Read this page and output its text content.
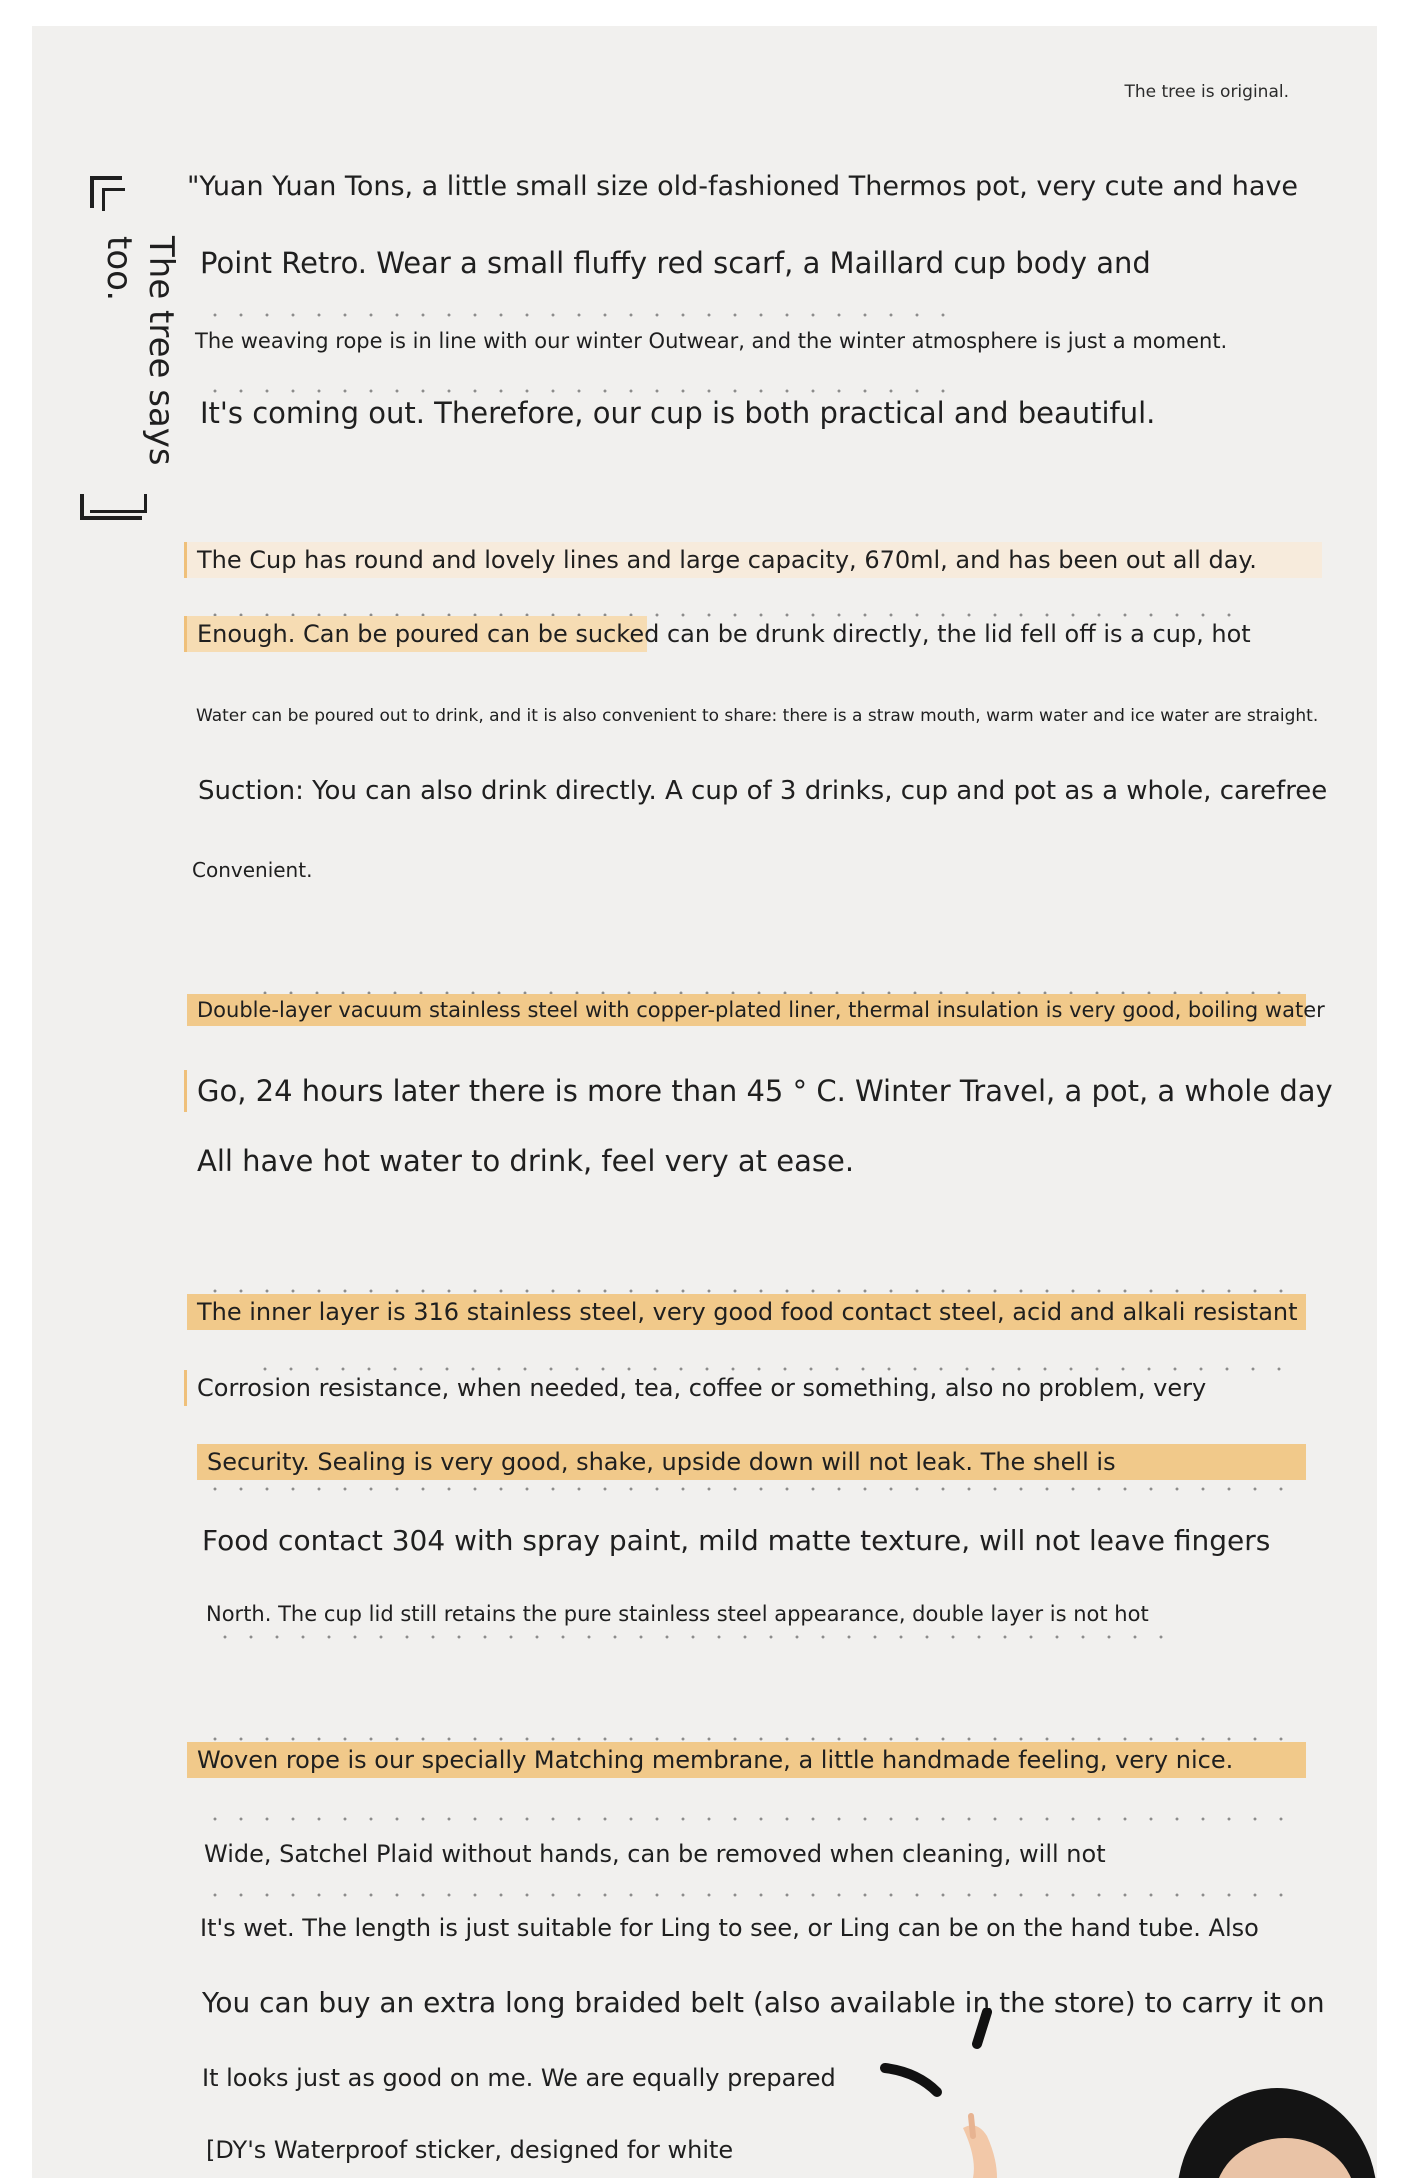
The tree is original.
The tree says too.
"Yuan Yuan Tons, a little small size old-fashioned Thermos pot, very cute and have
Point Retro. Wear a small fluffy red scarf, a Maillard cup body and
The weaving rope is in line with our winter Outwear, and the winter atmosphere is just a moment.
It's coming out. Therefore, our cup is both practical and beautiful.
The Cup has round and lovely lines and large capacity, 670ml, and has been out all day.
Enough. Can be poured can be sucked can be drunk directly, the lid fell off is a cup, hot
Water can be poured out to drink, and it is also convenient to share: there is a straw mouth, warm water and ice water are straight.
Suction: You can also drink directly. A cup of 3 drinks, cup and pot as a whole, carefree
Convenient.
Double-layer vacuum stainless steel with copper-plated liner, thermal insulation is very good, boiling water
Go, 24 hours later there is more than 45 ° C. Winter Travel, a pot, a whole day
All have hot water to drink, feel very at ease.
The inner layer is 316 stainless steel, very good food contact steel, acid and alkali resistant
Corrosion resistance, when needed, tea, coffee or something, also no problem, very
Security. Sealing is very good, shake, upside down will not leak. The shell is
Food contact 304 with spray paint, mild matte texture, will not leave fingers
North. The cup lid still retains the pure stainless steel appearance, double layer is not hot
Woven rope is our specially Matching membrane, a little handmade feeling, very nice.
Wide, Satchel Plaid without hands, can be removed when cleaning, will not
It's wet. The length is just suitable for Ling to see, or Ling can be on the hand tube. Also
You can buy an extra long braided belt (also available in the store) to carry it on
It looks just as good on me. We are equally prepared
[DY's Waterproof sticker, designed for white
